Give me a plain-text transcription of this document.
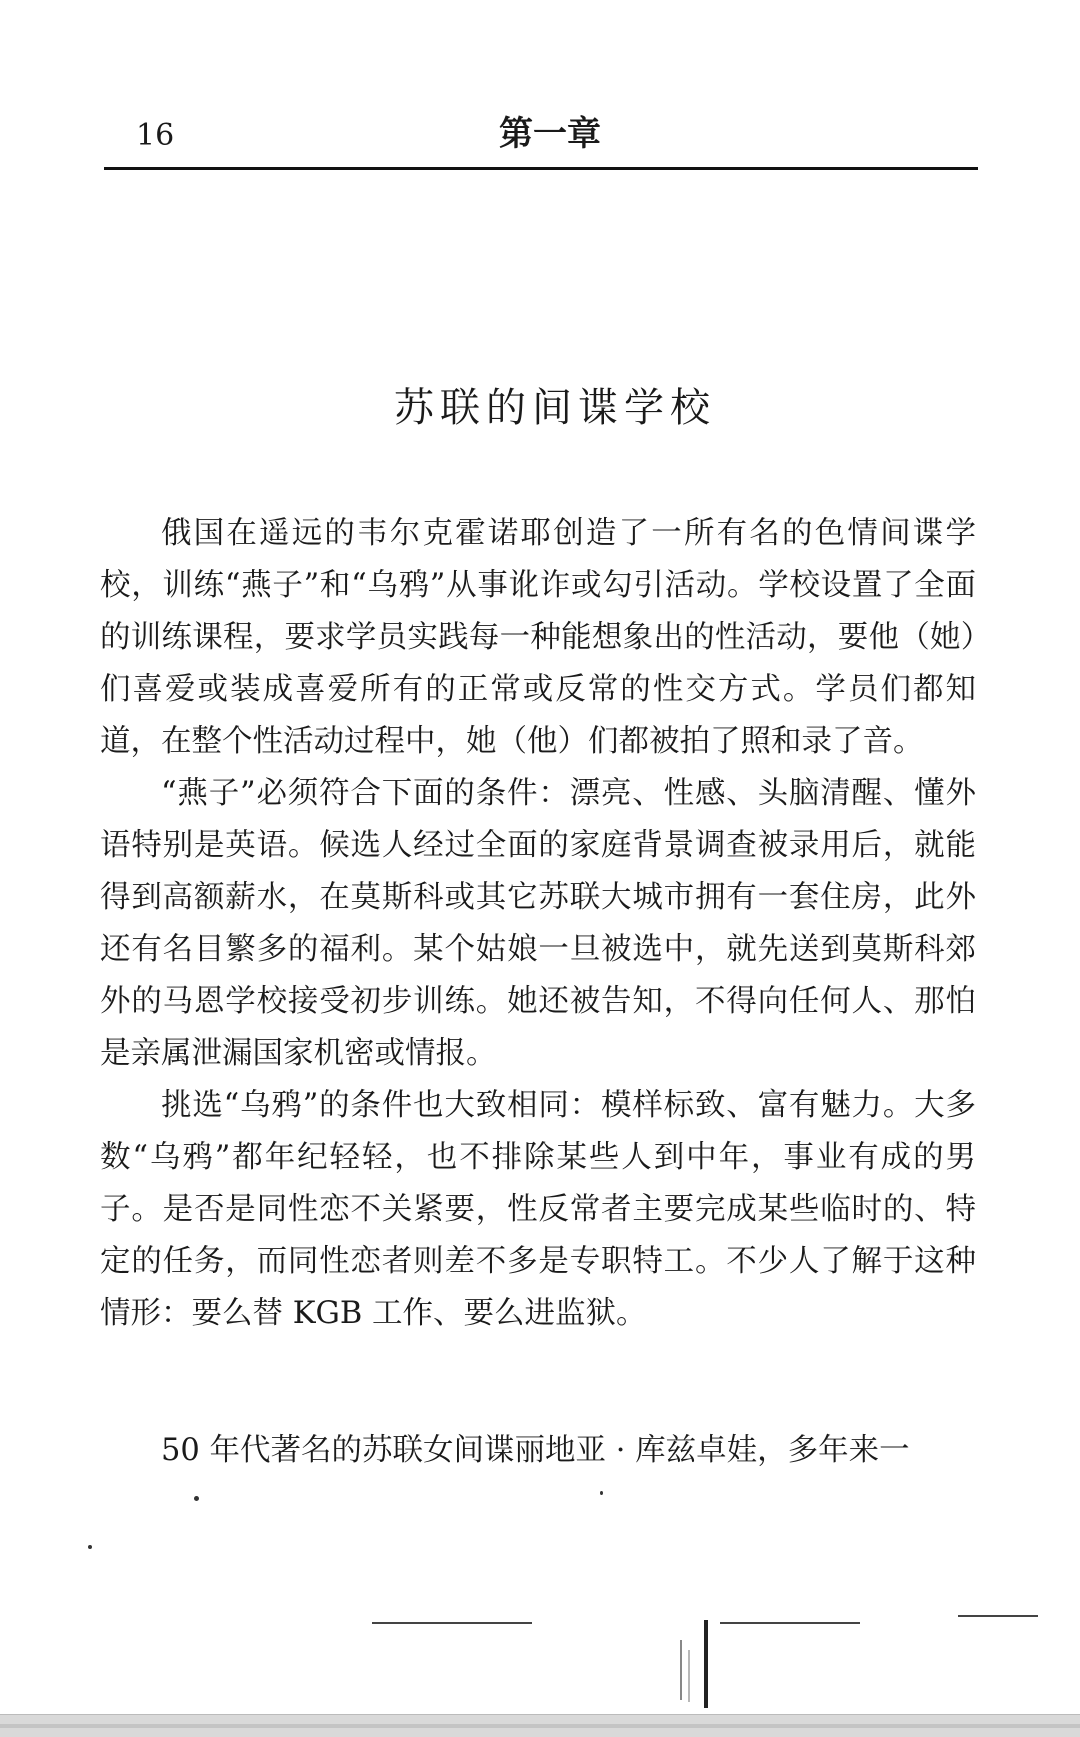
16	第一章
苏联的间谍学校

俄国在遥远的韦尔克霍诺耶创造了一所有名的色情间谍学校，训练“燕子”和“乌鸦”从事讹诈或勾引活动。学校设置了全面的训练课程，要求学员实践每一种能想象出的性活动，要他（她）们喜爱或装成喜爱所有的正常或反常的性交方式。学员们都知道，在整个性活动过程中，她（他）们都被拍了照和录了音。

“燕子”必须符合下面的条件：漂亮、性感、头脑清醒、懂外语特别是英语。候选人经过全面的家庭背景调查被录用后，就能得到高额薪水，在莫斯科或其它苏联大城市拥有一套住房，此外还有名目繁多的福利。某个姑娘一旦被选中，就先送到莫斯科郊外的马恩学校接受初步训练。她还被告知，不得向任何人、那怕是亲属泄漏国家机密或情报。

挑选“乌鸦”的条件也大致相同：模样标致、富有魅力。大多数“乌鸦”都年纪轻轻，也不排除某些人到中年，事业有成的男子。是否是同性恋不关紧要，性反常者主要完成某些临时的、特定的任务，而同性恋者则差不多是专职特工。不少人了解于这种情形：要么替 KGB 工作、要么进监狱。

50 年代著名的苏联女间谍丽地亚 · 库兹卓娃，多年来一
